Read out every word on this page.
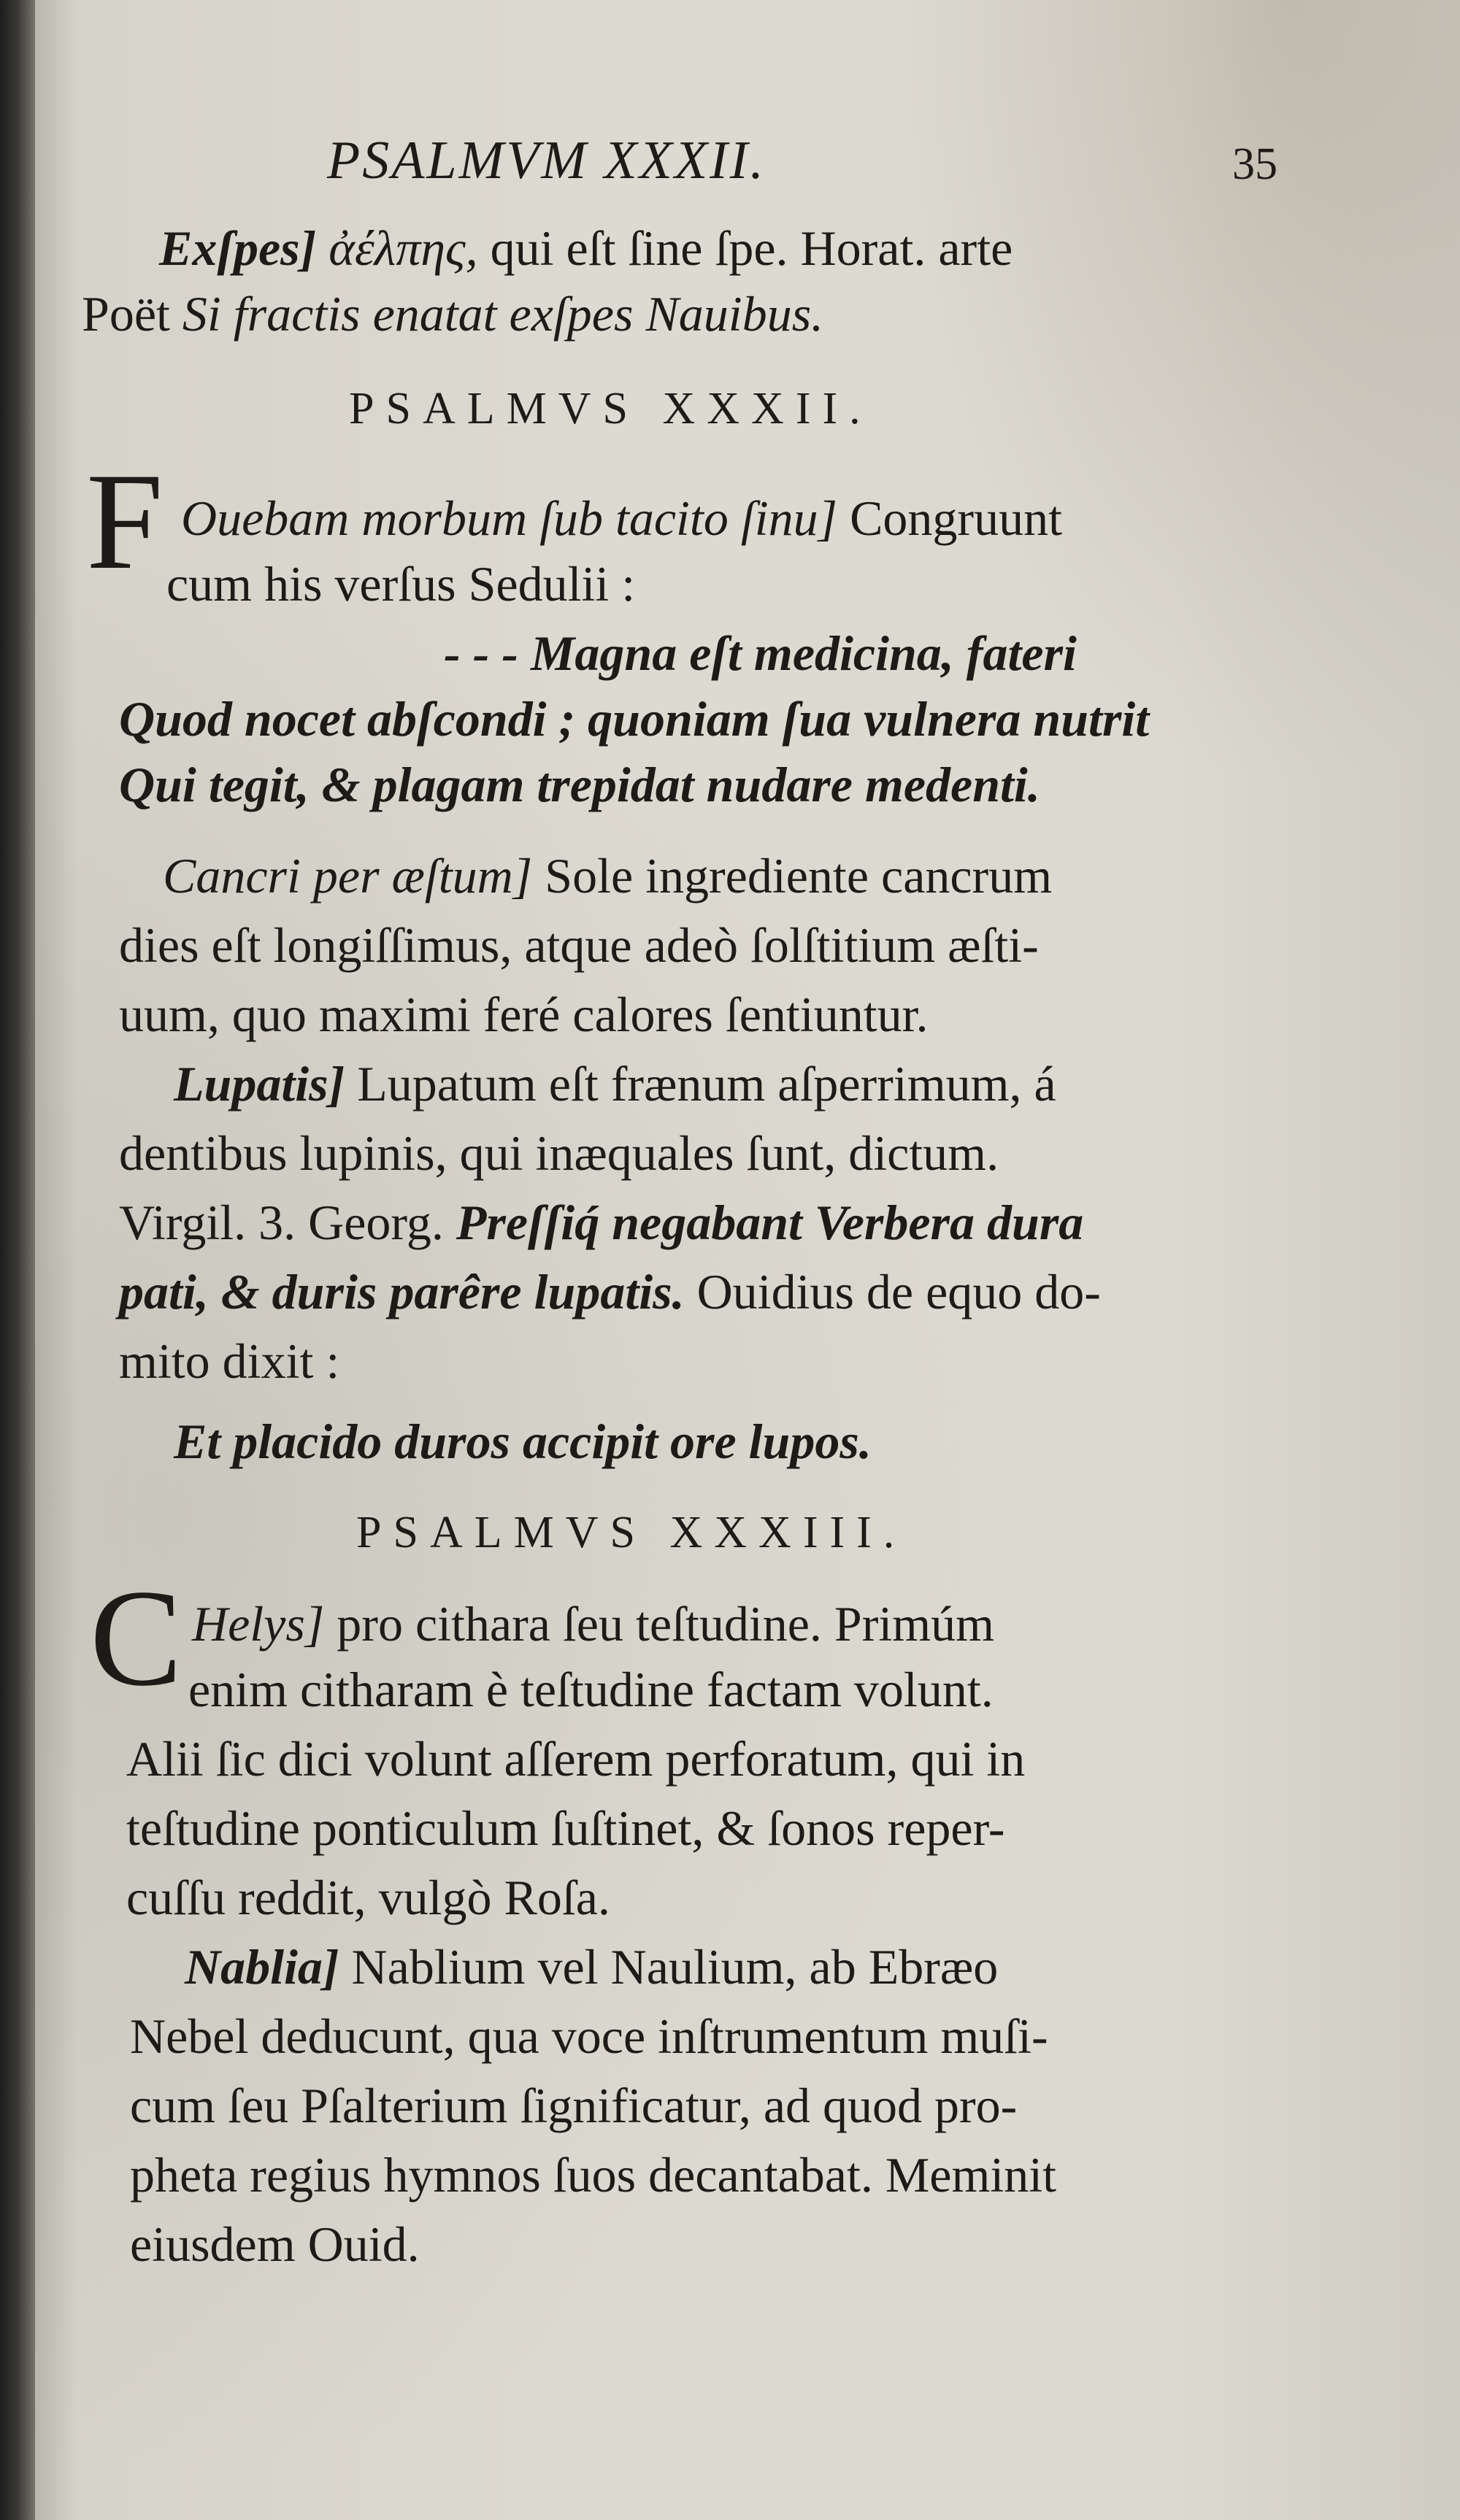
PSALMVM XXXII.	35

Exſpes] ἀέλπης, qui eſt ſine ſpe. Horat. arte

Poët Si fractis enatat exſpes Nauibus.

PSALMVS XXXII.

F Ouebam morbum ſub tacito ſinu] Congruunt

cum his verſus Sedulii :

- - - Magna eſt medicina, fateri

Quod nocet abſcondi ; quoniam ſua vulnera nutrit

Qui tegit, & plagam trepidat nudare medenti.

Cancri per æſtum] Sole ingrediente cancrum

dies eſt longiſſimus, atque adeò ſolſtitium æſti-

uum, quo maximi feré calores ſentiuntur.

Lupatis] Lupatum eſt frænum aſperrimum, á

dentibus lupinis, qui inæquales ſunt, dictum.

Virgil. 3. Georg. Preſſiq́ negabant Verbera dura

pati, & duris parêre lupatis. Ouidius de equo do-

mito dixit :

Et placido duros accipit ore lupos.

PSALMVS XXXIII.

C Helys] pro cithara ſeu teſtudine. Primúm

enim citharam è teſtudine factam volunt.

Alii ſic dici volunt aſſerem perforatum, qui in

teſtudine ponticulum ſuſtinet, & ſonos reper-

cuſſu reddit, vulgò Roſa.

Nablia] Nablium vel Naulium, ab Ebræo

Nebel deducunt, qua voce inſtrumentum muſi-

cum ſeu Pſalterium ſignificatur, ad quod pro-

pheta regius hymnos ſuos decantabat. Meminit

eiusdem Ouid.
